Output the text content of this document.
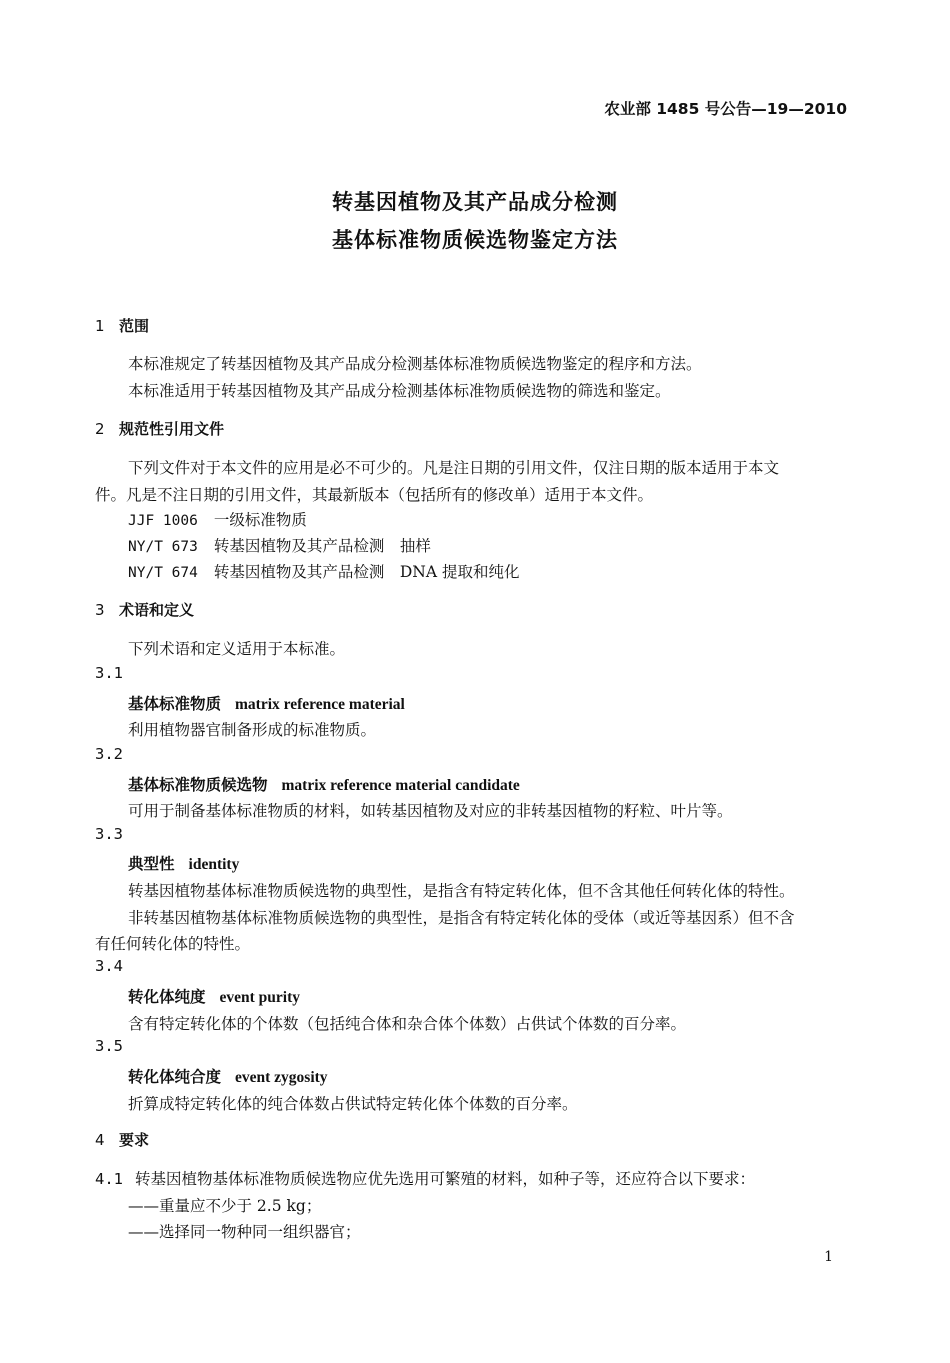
农业部 1485 号公告—19—2010
转基因植物及其产品成分检测
基体标准物质候选物鉴定方法
1 范围
本标准规定了转基因植物及其产品成分检测基体标准物质候选物鉴定的程序和方法。
本标准适用于转基因植物及其产品成分检测基体标准物质候选物的筛选和鉴定。
2 规范性引用文件
下列文件对于本文件的应用是必不可少的。凡是注日期的引用文件，仅注日期的版本适用于本文
件。凡是不注日期的引用文件，其最新版本（包括所有的修改单）适用于本文件。
JJF 1006 一级标准物质
NY/T 673 转基因植物及其产品检测　抽样
NY/T 674 转基因植物及其产品检测　DNA 提取和纯化
3 术语和定义
下列术语和定义适用于本标准。
3.1
基体标准物质 matrix reference material
利用植物器官制备形成的标准物质。
3.2
基体标准物质候选物 matrix reference material candidate
可用于制备基体标准物质的材料，如转基因植物及对应的非转基因植物的籽粒、叶片等。
3.3
典型性 identity
转基因植物基体标准物质候选物的典型性，是指含有特定转化体，但不含其他任何转化体的特性。
非转基因植物基体标准物质候选物的典型性，是指含有特定转化体的受体（或近等基因系）但不含
有任何转化体的特性。
3.4
转化体纯度 event purity
含有特定转化体的个体数（包括纯合体和杂合体个体数）占供试个体数的百分率。
3.5
转化体纯合度 event zygosity
折算成特定转化体的纯合体数占供试特定转化体个体数的百分率。
4 要求
4.1 转基因植物基体标准物质候选物应优先选用可繁殖的材料，如种子等，还应符合以下要求：
——重量应不少于 2.5 kg；
——选择同一物种同一组织器官；
1
